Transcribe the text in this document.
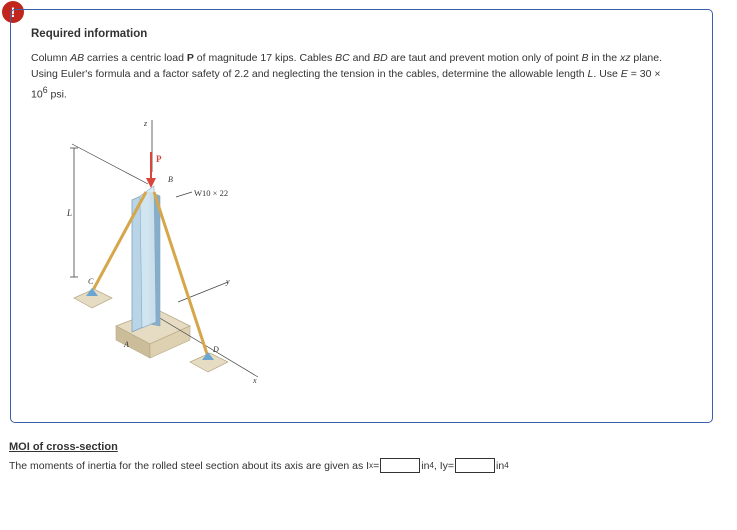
!
Required information
Column AB carries a centric load P of magnitude 17 kips. Cables BC and BD are taut and prevent motion only of point B in the xz plane. Using Euler's formula and a factor safety of 2.2 and neglecting the tension in the cables, determine the allowable length L. Use $E = 30 \times 10^6$ psi.
L
z
y
x
C
D
A
P
B
W10 × 22
MOI of cross-section
The moments of inertia for the rolled steel section about its axis are given as I x =	in 4 , Iy=	in 4
